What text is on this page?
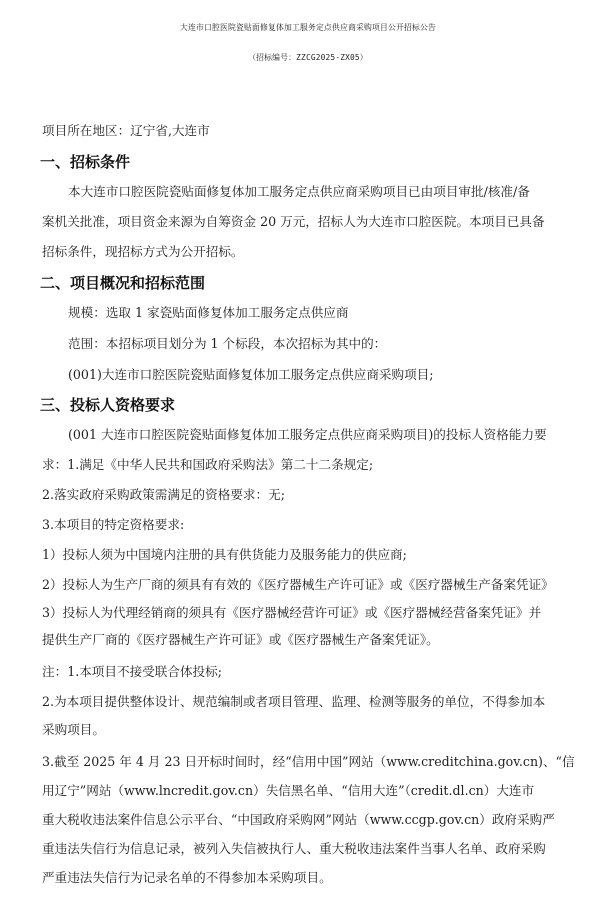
大连市口腔医院瓷贴面修复体加工服务定点供应商采购项目公开招标公告
（招标编号：ZZCG2025-ZX05）
项目所在地区：辽宁省,大连市
一、招标条件
本大连市口腔医院瓷贴面修复体加工服务定点供应商采购项目已由项目审批/核准/备
案机关批准，项目资金来源为自筹资金 20 万元，招标人为大连市口腔医院。本项目已具备
招标条件，现招标方式为公开招标。
二、项目概况和招标范围
规模：选取 1 家瓷贴面修复体加工服务定点供应商
范围：本招标项目划分为 1 个标段，本次招标为其中的：
(001)大连市口腔医院瓷贴面修复体加工服务定点供应商采购项目;
三、投标人资格要求
(001 大连市口腔医院瓷贴面修复体加工服务定点供应商采购项目)的投标人资格能力要
求：1.满足《中华人民共和国政府采购法》第二十二条规定;
2.落实政府采购政策需满足的资格要求：无;
3.本项目的特定资格要求:
1）投标人须为中国境内注册的具有供货能力及服务能力的供应商;
2）投标人为生产厂商的须具有有效的《医疗器械生产许可证》或《医疗器械生产备案凭证》
3）投标人为代理经销商的须具有《医疗器械经营许可证》或《医疗器械经营备案凭证》并
提供生产厂商的《医疗器械生产许可证》或《医疗器械生产备案凭证》。
注：1.本项目不接受联合体投标;
2.为本项目提供整体设计、规范编制或者项目管理、监理、检测等服务的单位，不得参加本
采购项目。
3.截至 2025 年 4 月 23 日开标时间时，经“信用中国”网站（www.creditchina.gov.cn)、“信
用辽宁”网站（www.lncredit.gov.cn）失信黑名单、“信用大连”（credit.dl.cn）大连市
重大税收违法案件信息公示平台、“中国政府采购网”网站（www.ccgp.gov.cn）政府采购严
重违法失信行为信息记录，被列入失信被执行人、重大税收违法案件当事人名单、政府采购
严重违法失信行为记录名单的不得参加本采购项目。
